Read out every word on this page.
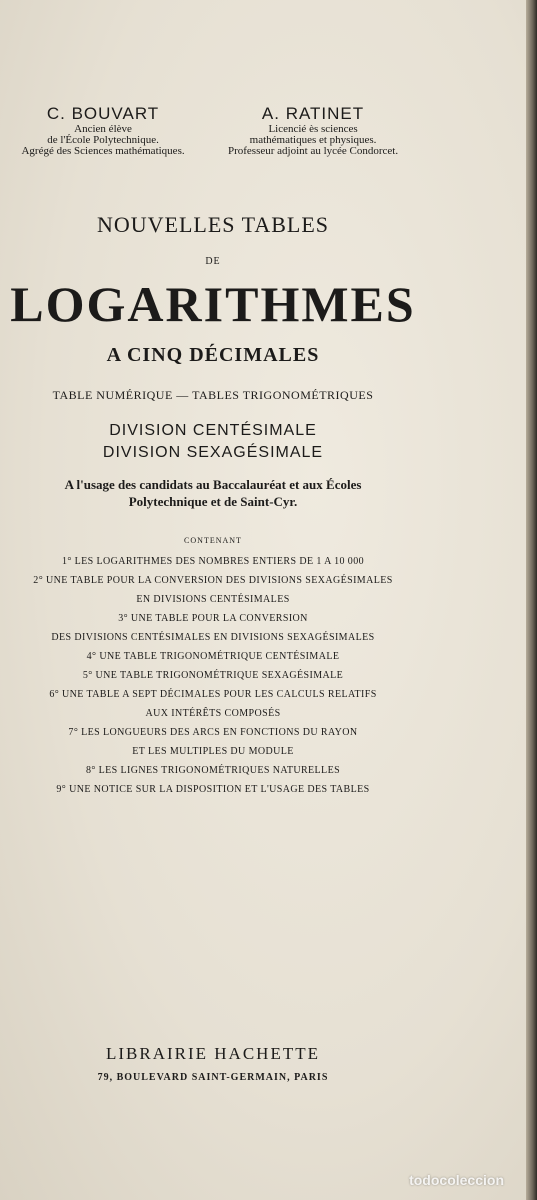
C. BOUVART
Ancien élève
de l'École Polytechnique.
Agrégé des Sciences mathématiques.
A. RATINET
Licencié ès sciences
mathématiques et physiques.
Professeur adjoint au lycée Condorcet.
NOUVELLES TABLES
DE
LOGARITHMES
A CINQ DÉCIMALES
TABLE NUMÉRIQUE — TABLES TRIGONOMÉTRIQUES
DIVISION CENTÉSIMALE
DIVISION SEXAGÉSIMALE
A l'usage des candidats au Baccalauréat et aux Écoles
Polytechnique et de Saint-Cyr.
CONTENANT
1° LES LOGARITHMES DES NOMBRES ENTIERS DE 1 A 10 000
2° UNE TABLE POUR LA CONVERSION DES DIVISIONS SEXAGÉSIMALES
EN DIVISIONS CENTÉSIMALES
3° UNE TABLE POUR LA CONVERSION
DES DIVISIONS CENTÉSIMALES EN DIVISIONS SEXAGÉSIMALES
4° UNE TABLE TRIGONOMÉTRIQUE CENTÉSIMALE
5° UNE TABLE TRIGONOMÉTRIQUE SEXAGÉSIMALE
6° UNE TABLE A SEPT DÉCIMALES POUR LES CALCULS RELATIFS
AUX INTÉRÊTS COMPOSÉS
7° LES LONGUEURS DES ARCS EN FONCTIONS DU RAYON
ET LES MULTIPLES DU MODULE
8° LES LIGNES TRIGONOMÉTRIQUES NATURELLES
9° UNE NOTICE SUR LA DISPOSITION ET L'USAGE DES TABLES
LIBRAIRIE HACHETTE
79, BOULEVARD SAINT-GERMAIN, PARIS
todocoleccion
